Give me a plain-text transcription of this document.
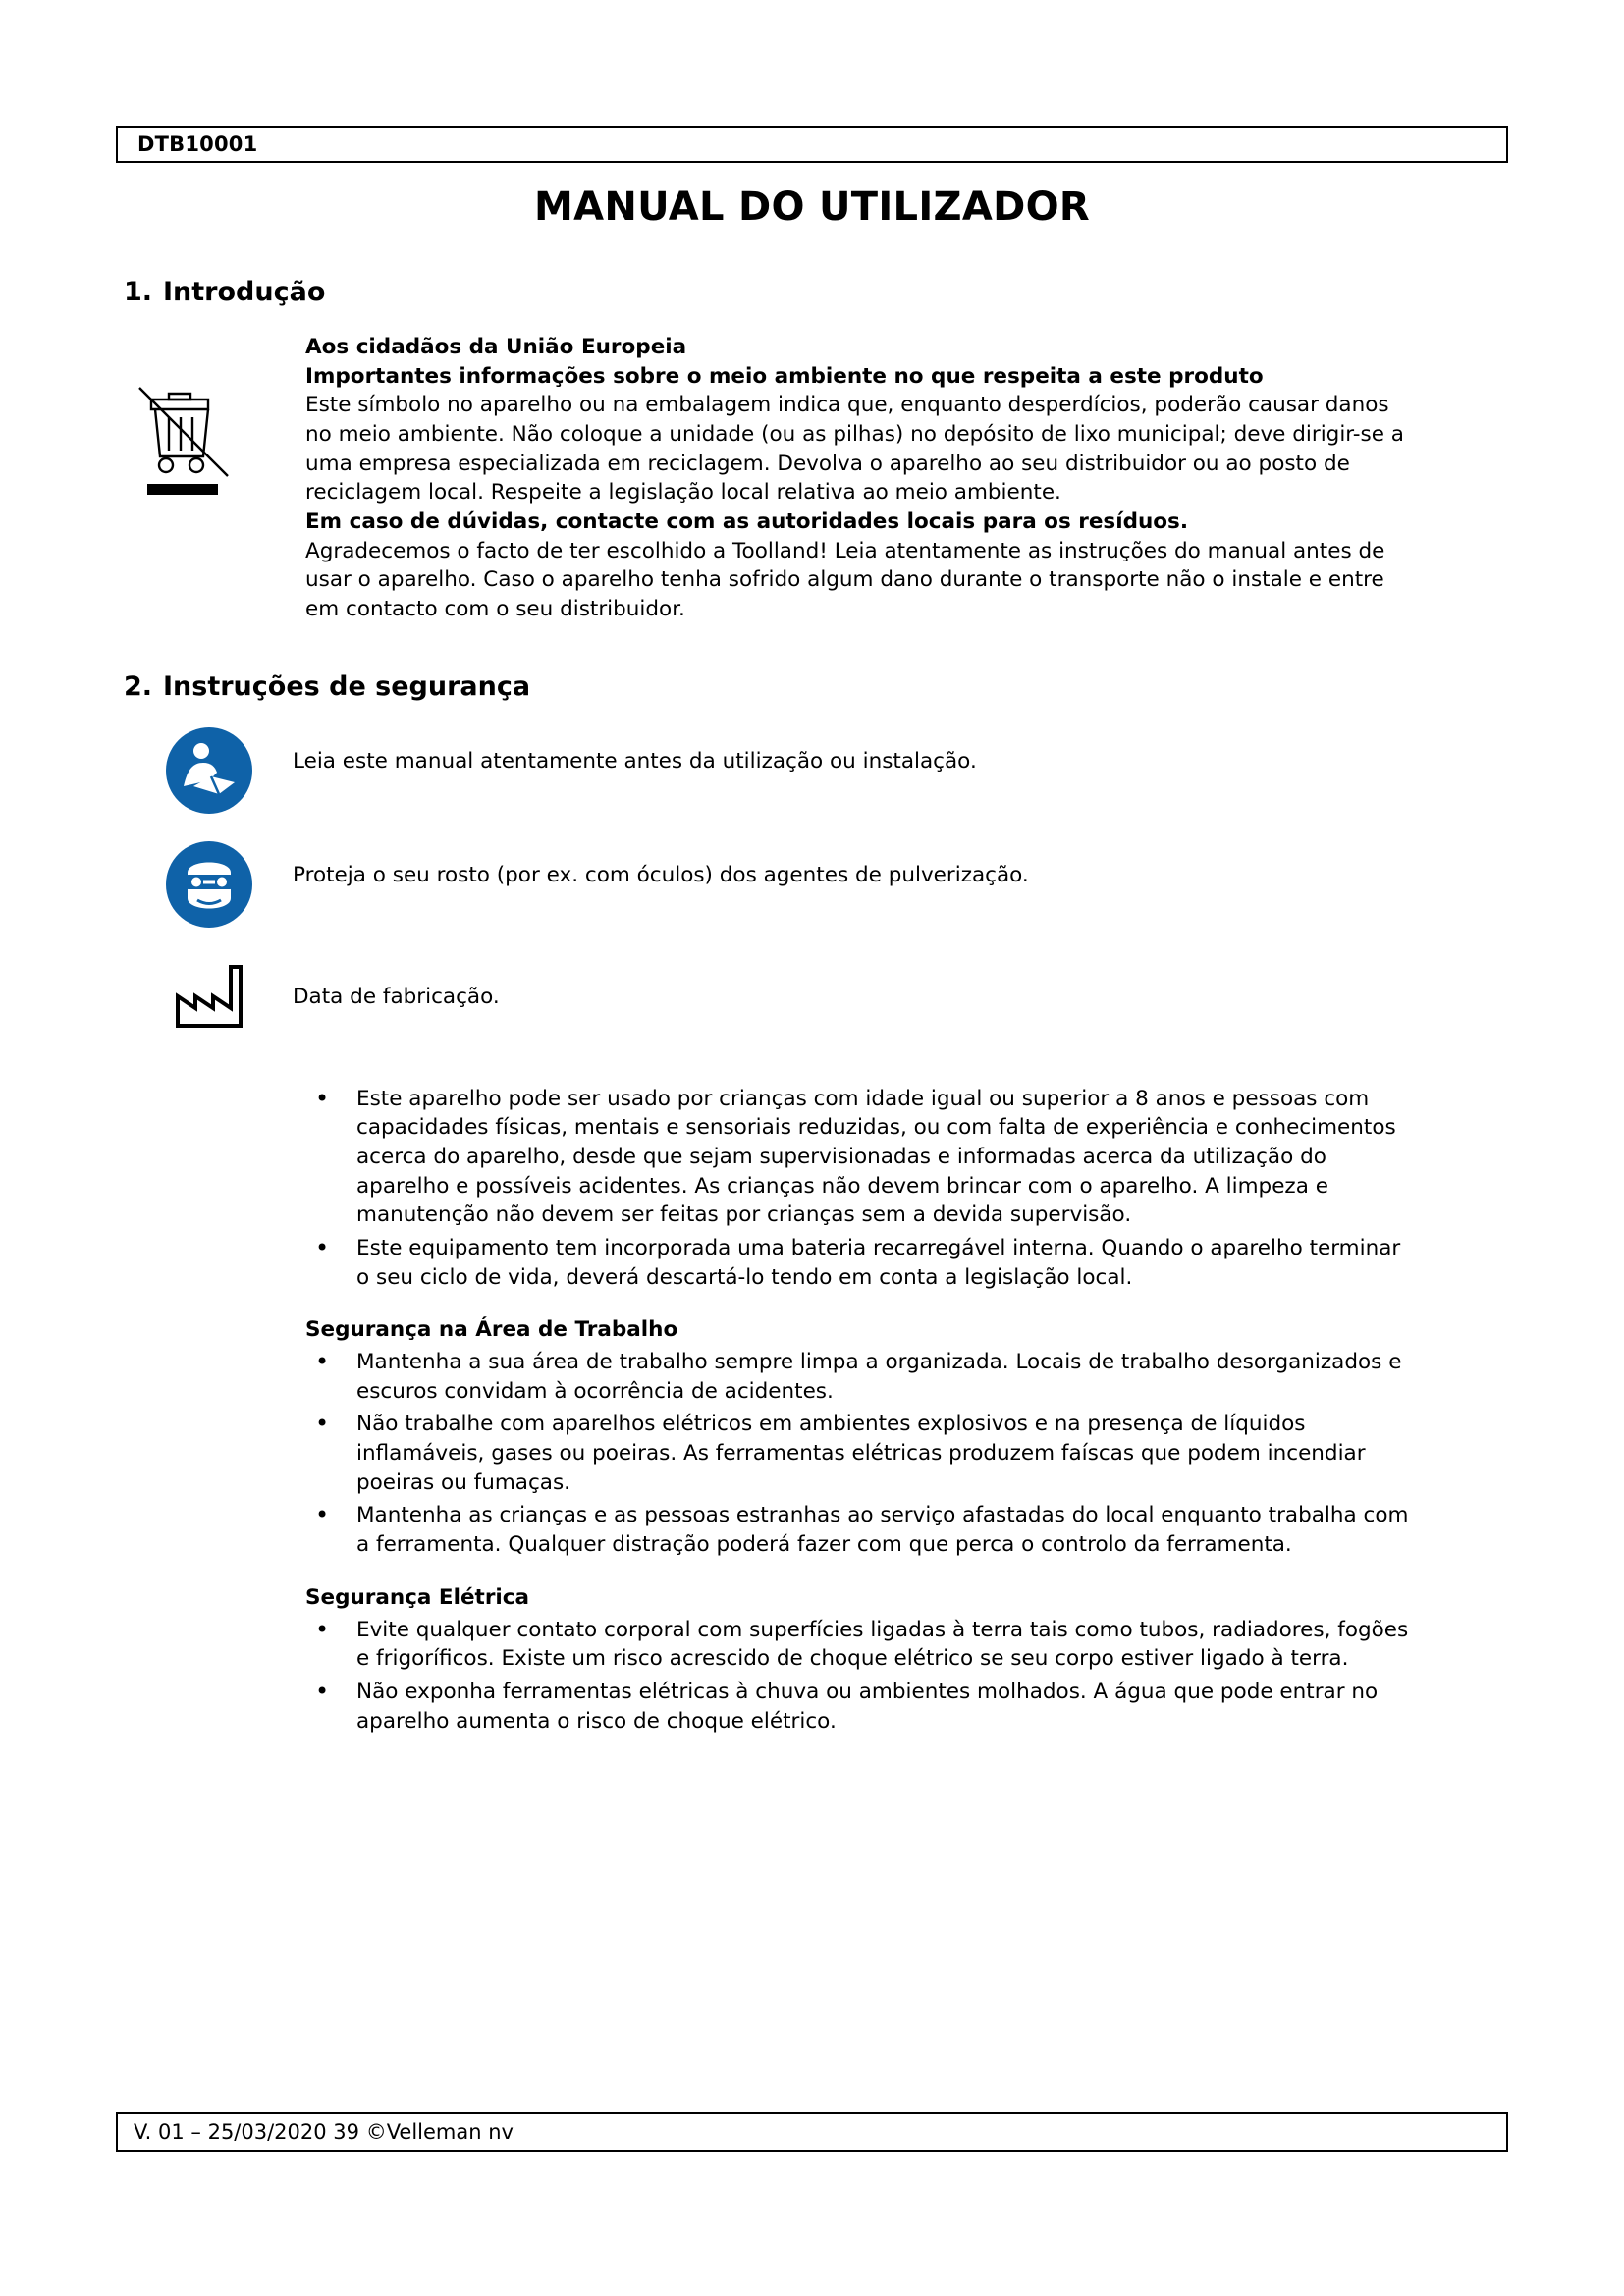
DTB10001
MANUAL DO UTILIZADOR
1. Introdução

Aos cidadãos da União Europeia

Importantes informações sobre o meio ambiente no que respeita a este produto

Este símbolo no aparelho ou na embalagem indica que, enquanto desperdícios, poderão causar danos no meio ambiente. Não coloque a unidade (ou as pilhas) no depósito de lixo municipal; deve dirigir-se a uma empresa especializada em reciclagem. Devolva o aparelho ao seu distribuidor ou ao posto de reciclagem local. Respeite a legislação local relativa ao meio ambiente.

Em caso de dúvidas, contacte com as autoridades locais para os resíduos.

Agradecemos o facto de ter escolhido a Toolland! Leia atentamente as instruções do manual antes de usar o aparelho. Caso o aparelho tenha sofrido algum dano durante o transporte não o instale e entre em contacto com o seu distribuidor.

2. Instruções de segurança
Leia este manual atentamente antes da utilização ou instalação.
Proteja o seu rosto (por ex. com óculos) dos agentes de pulverização.
Data de fabricação.
• Este aparelho pode ser usado por crianças com idade igual ou superior a 8 anos e pessoas com capacidades físicas, mentais e sensoriais reduzidas, ou com falta de experiência e conhecimentos acerca do aparelho, desde que sejam supervisionadas e informadas acerca da utilização do aparelho e possíveis acidentes. As crianças não devem brincar com o aparelho. A limpeza e manutenção não devem ser feitas por crianças sem a devida supervisão.
• Este equipamento tem incorporada uma bateria recarregável interna. Quando o aparelho terminar o seu ciclo de vida, deverá descartá-lo tendo em conta a legislação local.
Segurança na Área de Trabalho
• Mantenha a sua área de trabalho sempre limpa a organizada. Locais de trabalho desorganizados e escuros convidam à ocorrência de acidentes.
• Não trabalhe com aparelhos elétricos em ambientes explosivos e na presença de líquidos inflamáveis, gases ou poeiras. As ferramentas elétricas produzem faíscas que podem incendiar poeiras ou fumaças.
• Mantenha as crianças e as pessoas estranhas ao serviço afastadas do local enquanto trabalha com a ferramenta. Qualquer distração poderá fazer com que perca o controlo da ferramenta.
Segurança Elétrica
• Evite qualquer contato corporal com superfícies ligadas à terra tais como tubos, radiadores, fogões e frigoríficos. Existe um risco acrescido de choque elétrico se seu corpo estiver ligado à terra.
• Não exponha ferramentas elétricas à chuva ou ambientes molhados. A água que pode entrar no aparelho aumenta o risco de choque elétrico.
V. 01 – 25/03/2020 39 ©Velleman nv
